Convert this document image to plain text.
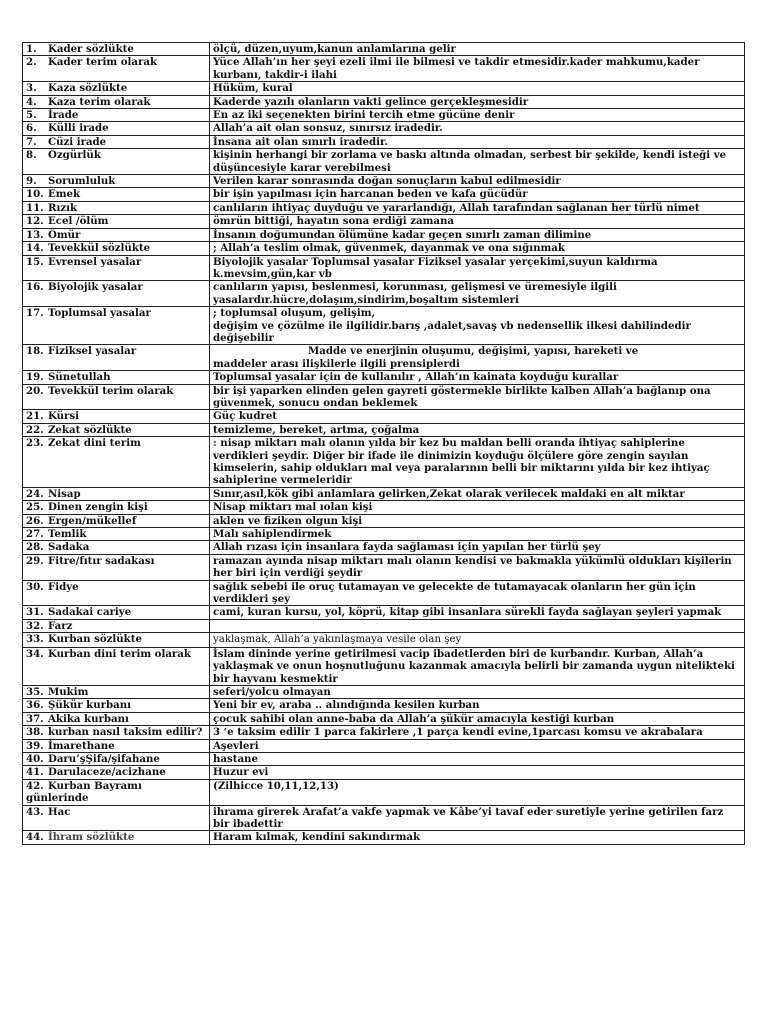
1. Kader sözlükte	ölçü, düzen,uyum,kanun anlamlarına gelir
2. Kader terim olarak	Yüce Allah’ın her şeyi ezeli ilmi ile bilmesi ve takdir etmesidir.kader mahkumu,kader kurbanı, takdir-i ilahi
3. Kaza sözlükte	Hüküm, kural
4. Kaza terim olarak	Kaderde yazılı olanların vakti gelince gerçekleşmesidir
5. İrade	En az iki seçenekten birini tercih etme gücüne denir
6. Külli irade	Allah’a ait olan sonsuz, sınırsız iradedir.
7. Cüzi irade	İnsana ait olan sınırlı iradedir.
8. Özgürlük	kişinin herhangi bir zorlama ve baskı altında olmadan, serbest bir şekilde, kendi isteği ve düşüncesiyle karar verebilmesi
9. Sorumluluk	Verilen karar sonrasında doğan sonuçların kabul edilmesidir
10. Emek	bir işin yapılması için harcanan beden ve kafa gücüdür
11. Rızık	canlıların ihtiyaç duyduğu ve yararlandığı, Allah tarafından sağlanan her türlü nimet
12. Ecel /ölüm	ömrün bittiği, hayatın sona erdiği zamana
13. Ömür	İnsanın doğumundan ölümüne kadar geçen sınırlı zaman dilimine
14. Tevekkül sözlükte	; Allah’a teslim olmak, güvenmek, dayanmak ve ona sığınmak
15. Evrensel yasalar	Biyolojik yasalar Toplumsal yasalar Fiziksel yasalar yerçekimi,suyun kaldırma k.mevsim,gün,kar vb
16. Biyolojik yasalar	canlıların yapısı, beslenmesi, korunması, gelişmesi ve üremesiyle ilgili yasalardır.hücre,dolaşım,sindirim,boşaltım sistemleri
17. Toplumsal yasalar	; toplumsal oluşum, gelişim,
değişim ve çözülme ile ilgilidir.barış ,adalet,savaş vb nedensellik ilkesi dahilindedir değişebilir
18. Fiziksel yasalar	Madde ve enerjinin oluşumu, değişimi, yapısı, hareketi ve
maddeler arası ilişkilerle ilgili prensiplerdi

19. Sünetullah	Toplumsal yasalar için de kullanılır , Allah’ın kainata koyduğu kurallar
20. Tevekkül terim olarak	bir işi yaparken elinden gelen gayreti göstermekle birlikte kalben Allah’a bağlanıp ona güvenmek, sonucu ondan beklemek
21. Kürsi	Güç kudret
22. Zekat sözlükte	temizleme, bereket, artma, çoğalma
23. Zekat dini terim	: nisap miktarı malı olanın yılda bir kez bu maldan belli oranda ihtiyaç sahiplerine verdikleri şeydir. Diğer bir ifade ile dinimizin koyduğu ölçülere göre zengin sayılan kimselerin, sahip oldukları mal veya paralarının belli bir miktarını yılda bir kez ihtiyaç sahiplerine vermeleridir
24. Nisap	Sınır,asıl,kök gibi anlamlara gelirken,Zekat olarak verilecek maldaki en alt miktar
25. Dinen zengin kişi	Nisap miktarı mal ıolan kişi
26. Ergen/mükellef	aklen ve fiziken olgun kişi
27. Temlik	Malı sahiplendirmek
28. Sadaka	Allah rızası için insanlara fayda sağlaması için yapılan her türlü şey
29. Fitre/fıtır sadakası	ramazan ayında nisap miktarı malı olanın kendisi ve bakmakla yükümlü oldukları kişilerin her biri için verdiği şeydir
30. Fidye	sağlık sebebi ile oruç tutamayan ve gelecekte de tutamayacak olanların her gün için verdikleri şey
31. Sadakai cariye	cami, kuran kursu, yol, köprü, kitap gibi insanlara sürekli fayda sağlayan şeyleri yapmak
32. Farz	
33. Kurban sözlükte	yaklaşmak, Allah’a yakınlaşmaya vesile olan şey
34. Kurban dini terim olarak	İslam dininde yerine getirilmesi vacip ibadetlerden biri de kurbandır. Kurban, Allah’a yaklaşmak ve onun hoşnutluğunu kazanmak amacıyla belirli bir zamanda uygun nitelikteki bir hayvanı kesmektir
35. Mukim	seferi/yolcu olmayan
36. Şükür kurbanı	Yeni bir ev, araba .. alındığında kesilen kurban
37. Akika kurbanı	çocuk sahibi olan anne-baba da Allah’a şükür amacıyla kestiği kurban
38. kurban nasıl taksim edilir?	3 ‘e taksim edilir 1 parca fakirlere ,1 parça kendi evine,1parcası komsu ve akrabalara
39. İmarethane	Aşevleri
40. Daru’şŞifa/şifahane	hastane
41. Darulaceze/acizhane	Huzur evi
42. Kurban Bayramı günlerinde	(Zilhicce 10,11,12,13)
43. Hac	ihrama girerek Arafat’a vakfe yapmak ve Kâbe’yi tavaf eder suretiyle yerine getirilen farz bir ibadettir
44. İhram sözlükte	Haram kılmak, kendini sakındırmak
